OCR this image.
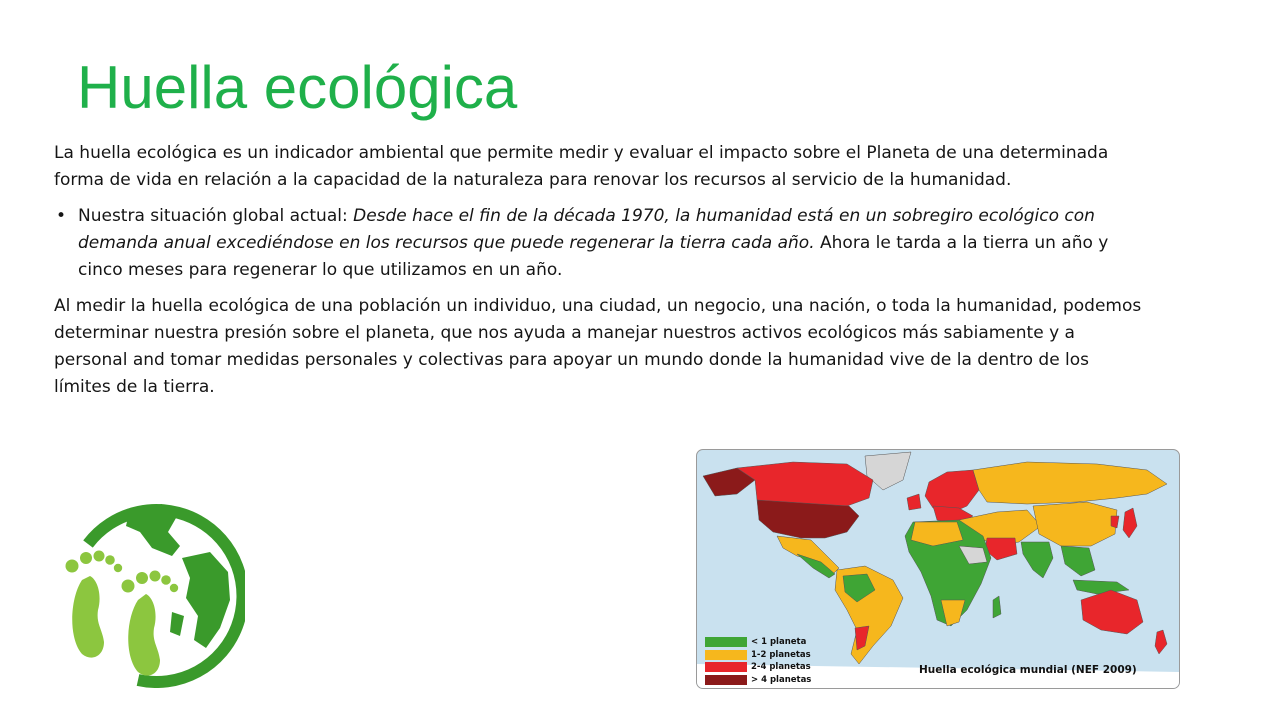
Huella ecológica

La huella ecológica es un indicador ambiental que permite medir y evaluar el impacto sobre el Planeta de una determinada forma de vida en relación a la capacidad de la naturaleza para renovar los recursos al servicio de la humanidad.

•
Nuestra situación global actual: Desde hace el fin de la década 1970, la humanidad está en un sobregiro ecológico con demanda anual excediéndose en los recursos que puede regenerar la tierra cada año. Ahora le tarda a la tierra un año y cinco meses para regenerar lo que utilizamos en un año.

Al medir la huella ecológica de una población un individuo, una ciudad, un negocio, una nación, o toda la humanidad, podemos determinar nuestra presión sobre el planeta, que nos ayuda a manejar nuestros activos ecológicos más sabiamente y a personal and tomar medidas personales y colectivas para apoyar un mundo donde la humanidad vive de la dentro de los límites de la tierra.

< 1 planeta
1-2 planetas
2-4 planetas
> 4 planetas
Huella ecológica mundial (NEF 2009)
